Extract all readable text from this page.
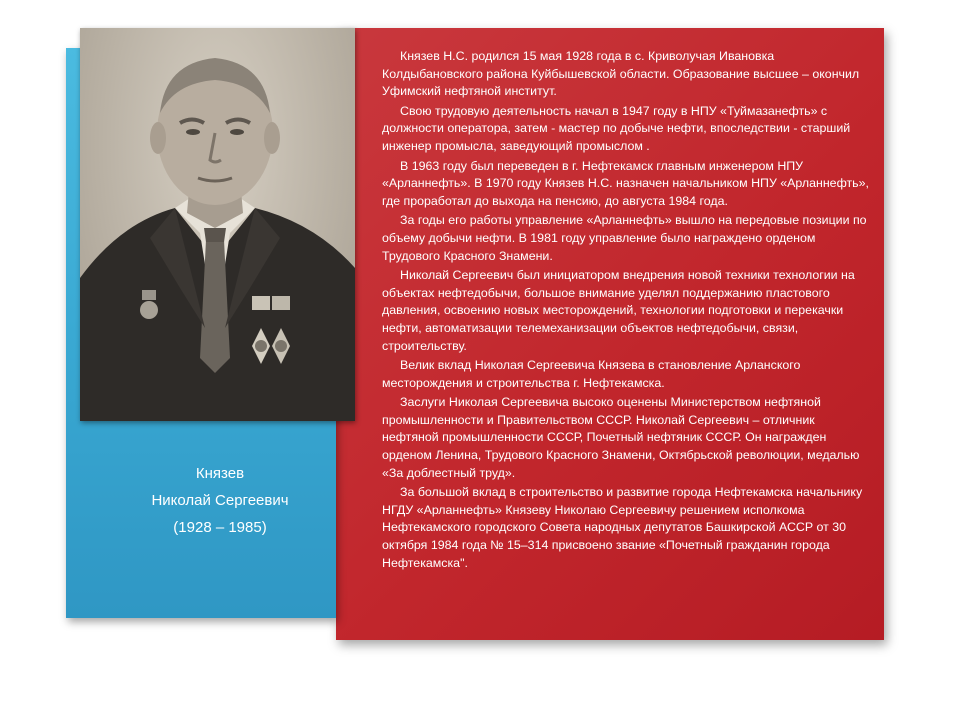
Князев
Николай Сергеевич
(1928 – 1985)

Князев Н.С. родился 15 мая 1928 года в с. Криволучая Ивановка Колдыбановского района Куйбышевской области. Образование высшее – окончил Уфимский нефтяной институт.

Свою трудовую деятельность начал в 1947 году в НПУ «Туймазанефть» с должности оператора, затем - мастер по добыче нефти, впоследствии - старший инженер промысла, заведующий промыслом .

В 1963 году был переведен в г. Нефтекамск главным инженером НПУ «Арланнефть». В 1970 году Князев Н.С. назначен начальником НПУ «Арланнефть», где проработал до выхода на пенсию, до августа 1984 года.

За годы его работы управление «Арланнефть» вышло на передовые позиции по объему добычи нефти. В 1981 году управление было награждено орденом Трудового Красного Знамени.

Николай Сергеевич был инициатором внедрения новой техники технологии на объектах нефтедобычи, большое внимание уделял поддержанию пластового давления, освоению новых месторождений, технологии подготовки и перекачки нефти, автоматизации телемеханизации объектов нефтедобычи, связи, строительству.

Велик вклад Николая Сергеевича Князева в становление Арланского месторождения и строительства г. Нефтекамска.

Заслуги Николая Сергеевича высоко оценены Министерством нефтяной промышленности и Правительством СССР. Николай Сергеевич – отличник нефтяной промышленности СССР, Почетный нефтяник СССР. Он награжден орденом Ленина, Трудового Красного Знамени, Октябрьской революции, медалью «За доблестный труд».

За большой вклад в строительство и развитие города Нефтекамска начальнику НГДУ «Арланнефть» Князеву Николаю Сергеевичу решением исполкома Нефтекамского городского Совета народных депутатов Башкирской АССР от 30 октября 1984 года № 15–314 присвоено звание «Почетный гражданин города Нефтекамска".
